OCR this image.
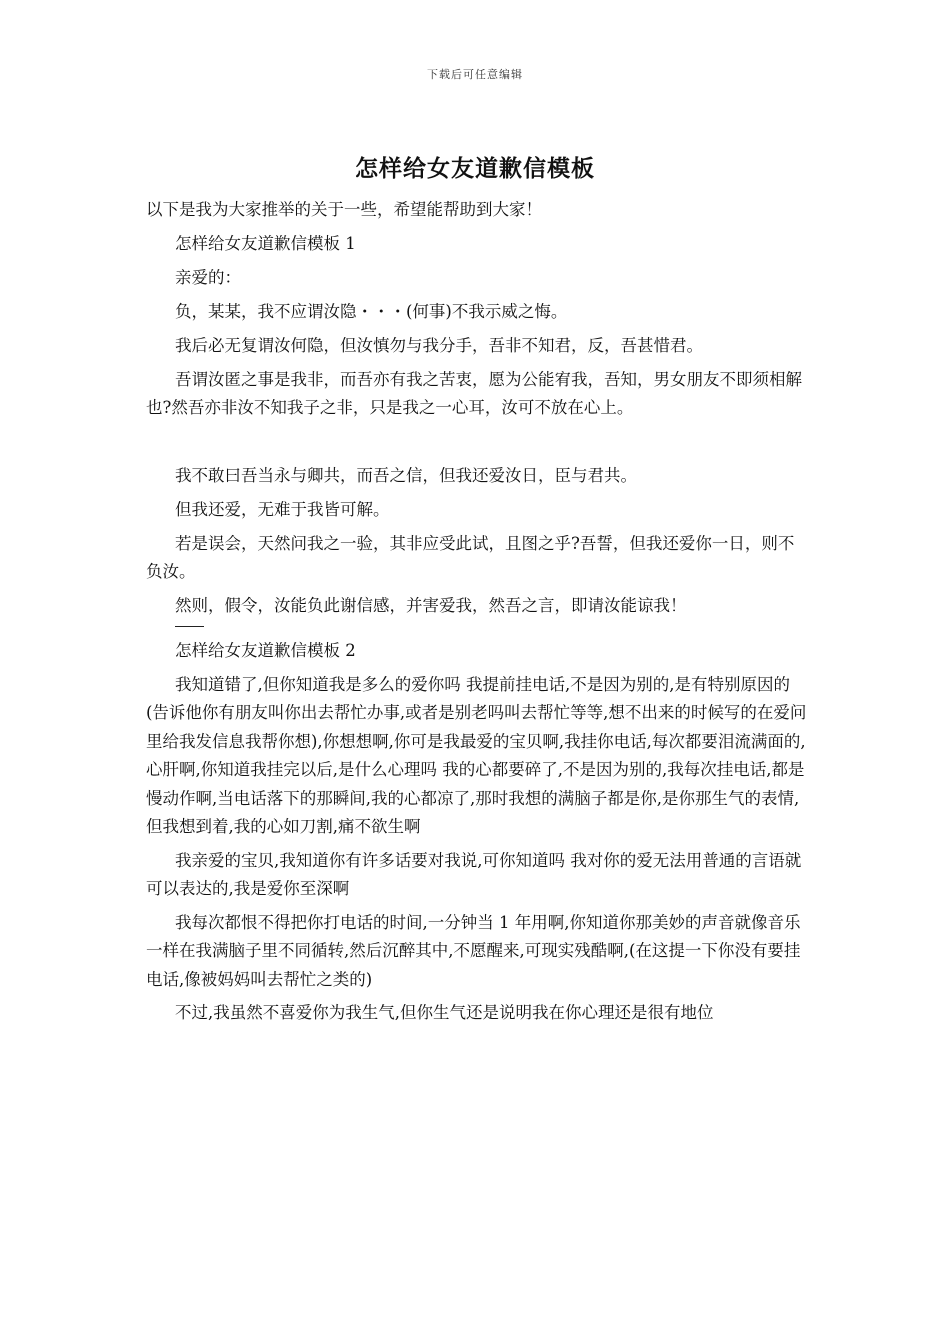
下载后可任意编辑
怎样给女友道歉信模板

以下是我为大家推举的关于一些，希望能帮助到大家！

怎样给女友道歉信模板 1

亲爱的：

负，某某，我不应谓汝隐・・・(何事)不我示威之悔。

我后必无复谓汝何隐，但汝慎勿与我分手，吾非不知君，反，吾甚惜君。

吾谓汝匿之事是我非，而吾亦有我之苦衷，愿为公能宥我，吾知，男女朋友不即须相解也?然吾亦非汝不知我子之非，只是我之一心耳，汝可不放在心上。

我不敢曰吾当永与卿共，而吾之信，但我还爱汝日，臣与君共。

但我还爱，无难于我皆可解。

若是误会，天然问我之一验，其非应受此试，且图之乎?吾誓，但我还爱你一日，则不负汝。

然则，假令，汝能负此谢信感，并害爱我，然吾之言，即请汝能谅我！

怎样给女友道歉信模板 2

我知道错了,但你知道我是多么的爱你吗 我提前挂电话,不是因为别的,是有特别原因的(告诉他你有朋友叫你出去帮忙办事,或者是别老吗叫去帮忙等等,想不出来的时候写的在爱问里给我发信息我帮你想),你想想啊,你可是我最爱的宝贝啊,我挂你电话,每次都要泪流满面的,心肝啊,你知道我挂完以后,是什么心理吗 我的心都要碎了,不是因为别的,我每次挂电话,都是慢动作啊,当电话落下的那瞬间,我的心都凉了,那时我想的满脑子都是你,是你那生气的表情,但我想到着,我的心如刀割,痛不欲生啊

我亲爱的宝贝,我知道你有许多话要对我说,可你知道吗 我对你的爱无法用普通的言语就可以表达的,我是爱你至深啊

我每次都恨不得把你打电话的时间,一分钟当 1 年用啊,你知道你那美妙的声音就像音乐一样在我满脑子里不同循转,然后沉醉其中,不愿醒来,可现实残酷啊,(在这提一下你没有要挂电话,像被妈妈叫去帮忙之类的)

不过,我虽然不喜爱你为我生气,但你生气还是说明我在你心理还是很有地位
